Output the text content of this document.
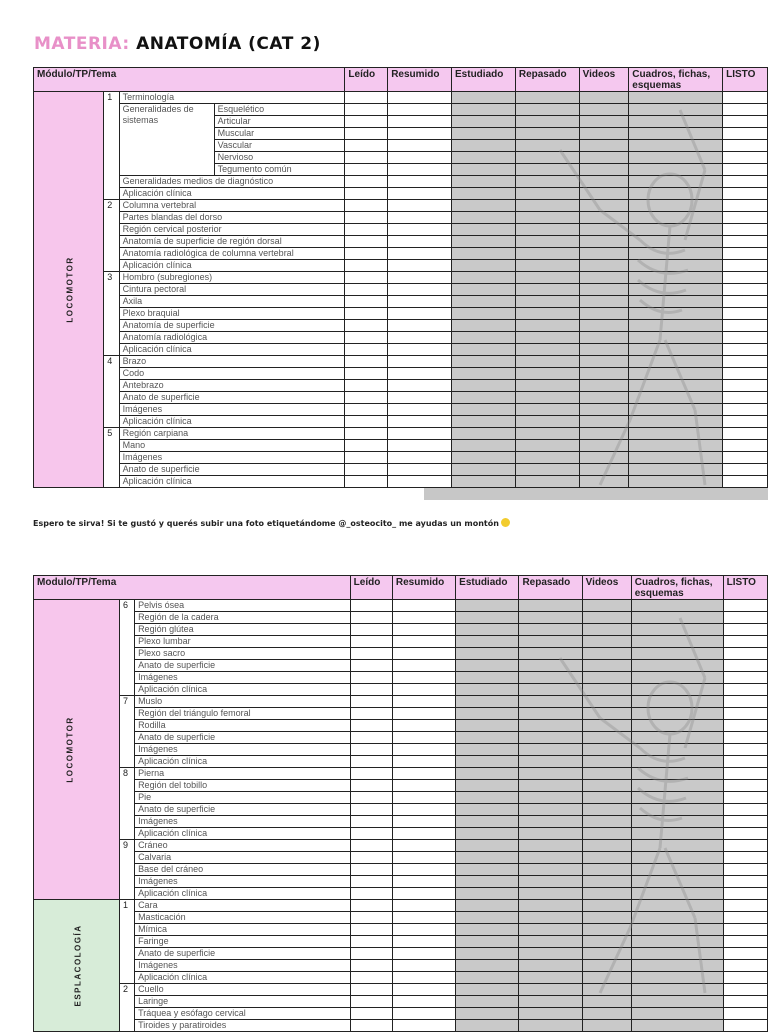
MATERIA: ANATOMÍA (CAT 2)
Módulo/TP/Tema				Leído	Resumido	Estudiado	Repasado	Videos	Cuadros, fichas, esquemas	LISTO
LOCOMOTOR	1	Terminología								
		Generalidades de sistemas	Esquelético							
			Articular							
			Muscular							
			Vascular							
			Nervioso							
			Tegumento común							
		Generalidades medios de diagnóstico								
		Aplicación clínica								
	2	Columna vertebral								
		Partes blandas del dorso								
		Región cervical posterior								
		Anatomía de superficie de región dorsal								
		Anatomía radiológica de columna vertebral								
		Aplicación clínica								
	3	Hombro (subregiones)								
		Cintura pectoral								
		Axila								
		Plexo braquial								
		Anatomía de superficie								
		Anatomía radiológica								
		Aplicación clínica								
	4	Brazo								
		Codo								
		Antebrazo								
		Anato de superficie								
		Imágenes								
		Aplicación clínica								
	5	Región carpiana								
		Mano								
		Imágenes								
		Anato de superficie								
		Aplicación clínica								
Espero te sirva! Si te gustó y querés subir una foto etiquetándome @_osteocito_ me ayudas un montón
Modulo/TP/Tema			Leído	Resumido	Estudiado	Repasado	Videos	Cuadros, fichas, esquemas	LISTO
LOCOMOTOR	6	Pelvis ósea							
		Región de la cadera							
		Región glútea							
		Plexo lumbar							
		Plexo sacro							
		Anato de superficie							
		Imágenes							
		Aplicación clínica							
	7	Muslo							
		Región del triángulo femoral							
		Rodilla							
		Anato de superficie							
		Imágenes							
		Aplicación clínica							
	8	Pierna							
		Región del tobillo							
		Pie							
		Anato de superficie							
		Imágenes							
		Aplicación clínica							
	9	Cráneo							
		Calvaria							
		Base del cráneo							
		Imágenes							
		Aplicación clínica							
ESPLACOLOGÍA	1	Cara							
		Masticación							
		Mímica							
		Faringe							
		Anato de superficie							
		Imágenes							
		Aplicación clínica							
	2	Cuello							
		Laringe							
		Tráquea y esófago cervical							
		Tiroides y paratiroides							
